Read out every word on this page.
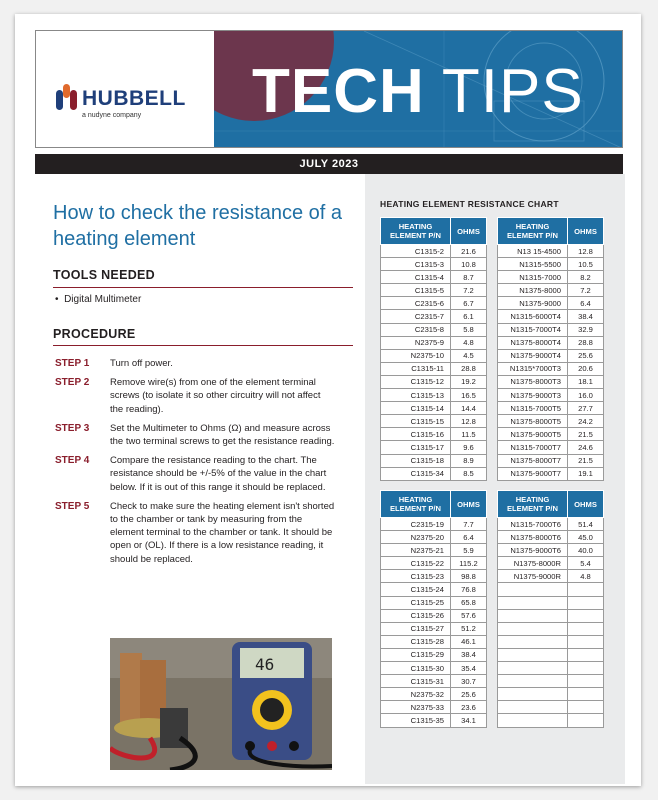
HUBBELL
a nudyne company TECH TIPS
JULY 2023
How to check the resistance of a heating element
TOOLS NEEDED
•  Digital Multimeter
PROCEDURE
STEP 1	Turn off power.
STEP 2	Remove wire(s) from one of the element terminal screws (to isolate it so other circuitry will not affect the reading).
STEP 3	Set the Multimeter to Ohms (Ω) and measure across the two terminal screws to get the resistance reading.
STEP 4	Compare the resistance reading to the chart. The resistance should be +/-5% of the value in the chart below. If it is out of this range it should be replaced.
STEP 5	Check to make sure the heating element isn't shorted to the chamber or tank by measuring from the element terminal to the chamber or tank. It should be open or (OL). If there is a low resistance reading, it should be replaced.
46
HEATING ELEMENT RESISTANCE CHART
HEATING ELEMENT P/N	OHMS
C1315-2	21.6
C1315-3	10.8
C1315-4	8.7
C1315-5	7.2
C2315-6	6.7
C2315-7	6.1
C2315-8	5.8
N2375-9	4.8
N2375-10	4.5
C1315-11	28.8
C1315-12	19.2
C1315-13	16.5
C1315-14	14.4
C1315-15	12.8
C1315-16	11.5
C1315-17	9.6
C1315-18	8.9
C1315-34	8.5
HEATING ELEMENT P/N	OHMS
N13 15-4500	12.8
N1315-5500	10.5
N1315-7000	8.2
N1375-8000	7.2
N1375-9000	6.4
N1315-6000T4	38.4
N1315-7000T4	32.9
N1375-8000T4	28.8
N1375-9000T4	25.6
N1315*7000T3	20.6
N1375-8000T3	18.1
N1375-9000T3	16.0
N1315-7000T5	27.7
N1375-8000T5	24.2
N1375-9000T5	21.5
N1315-7000T7	24.6
N1375-8000T7	21.5
N1375-9000T7	19.1
HEATING ELEMENT P/N	OHMS
C2315-19	7.7
N2375-20	6.4
N2375-21	5.9
C1315-22	115.2
C1315-23	98.8
C1315-24	76.8
C1315-25	65.8
C1315-26	57.6
C1315-27	51.2
C1315-28	46.1
C1315-29	38.4
C1315-30	35.4
C1315-31	30.7
N2375-32	25.6
N2375-33	23.6
C1315-35	34.1
HEATING ELEMENT P/N	OHMS
N1315-7000T6	51.4
N1375-8000T6	45.0
N1375-9000T6	40.0
N1375-8000R	5.4
N1375-9000R	4.8
